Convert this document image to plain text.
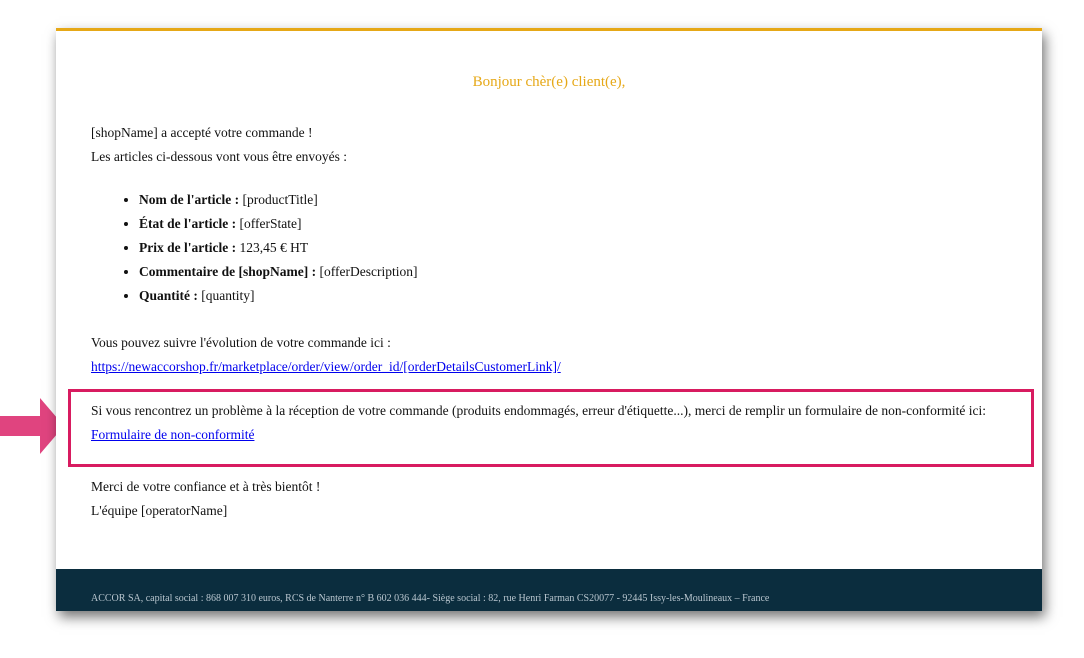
Bonjour chèr(e) client(e),
[shopName] a accepté votre commande !
Les articles ci-dessous vont vous être envoyés :
• Nom de l'article : [productTitle]
• État de l'article : [offerState]
• Prix de l'article : 123,45 € HT
• Commentaire de [shopName] : [offerDescription]
• Quantité : [quantity]
Vous pouvez suivre l'évolution de votre commande ici :
https://newaccorshop.fr/marketplace/order/view/order_id/[orderDetailsCustomerLink]/
Si vous rencontrez un problème à la réception de votre commande (produits endommagés, erreur d'étiquette...), merci de remplir un formulaire de non-conformité ici:
Formulaire de non-conformité
Merci de votre confiance et à très bientôt !
L'équipe [operatorName]
ACCOR SA, capital social : 868 007 310 euros, RCS de Nanterre n° B 602 036 444- Siège social : 82, rue Henri Farman CS20077 - 92445 Issy-les-Moulineaux – France
